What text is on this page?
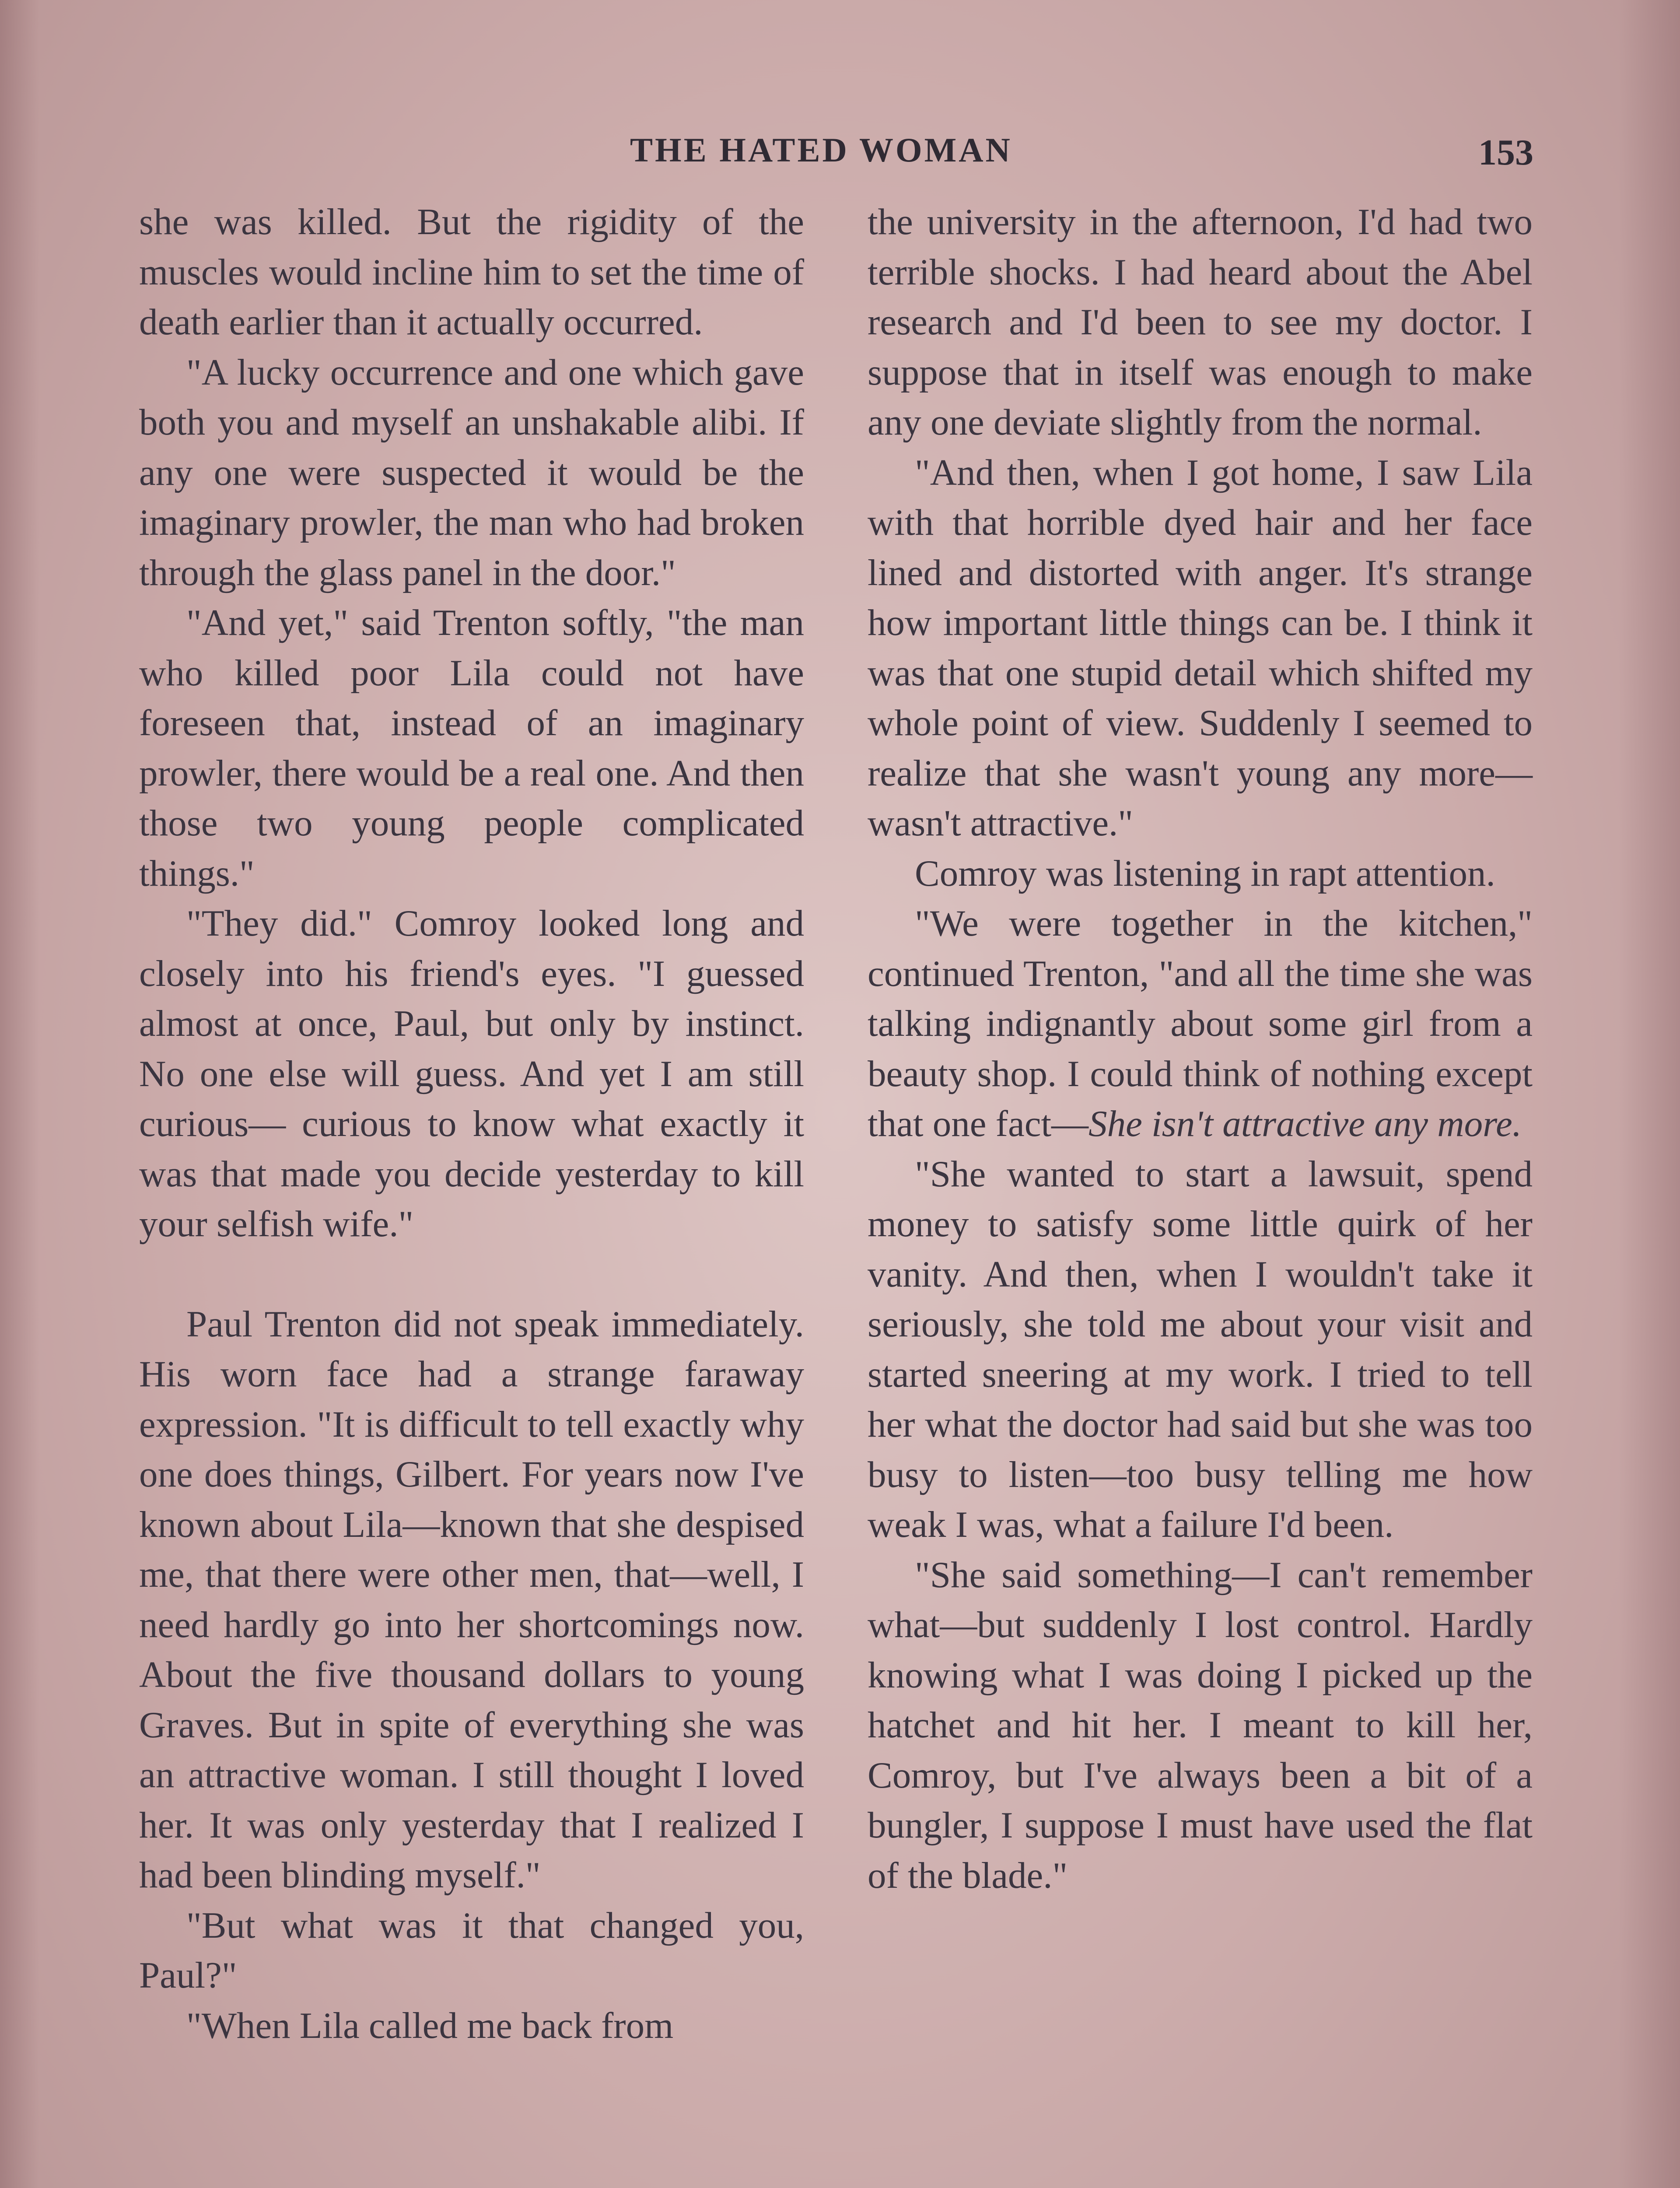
THE HATED WOMAN	153

she was killed. But the rigidity of the muscles would incline him to set the time of death earlier than it actually occurred.

"A lucky occurrence and one which gave both you and myself an unshakable alibi. If any one were suspected it would be the imaginary prowler, the man who had broken through the glass panel in the door."

"And yet," said Trenton softly, "the man who killed poor Lila could not have foreseen that, instead of an imaginary prowler, there would be a real one. And then those two young people complicated things."

"They did." Comroy looked long and closely into his friend's eyes. "I guessed almost at once, Paul, but only by instinct. No one else will guess. And yet I am still curious— curious to know what exactly it was that made you decide yesterday to kill your selfish wife."

Paul Trenton did not speak immediately. His worn face had a strange faraway expression. "It is difficult to tell exactly why one does things, Gilbert. For years now I've known about Lila—known that she despised me, that there were other men, that—well, I need hardly go into her shortcomings now. About the five thousand dollars to young Graves. But in spite of everything she was an attractive woman. I still thought I loved her. It was only yesterday that I realized I had been blinding myself."

"But what was it that changed you, Paul?"

"When Lila called me back from

the university in the afternoon, I'd had two terrible shocks. I had heard about the Abel research and I'd been to see my doctor. I suppose that in itself was enough to make any one deviate slightly from the normal.

"And then, when I got home, I saw Lila with that horrible dyed hair and her face lined and distorted with anger. It's strange how important little things can be. I think it was that one stupid detail which shifted my whole point of view. Suddenly I seemed to realize that she wasn't young any more—wasn't attractive."

Comroy was listening in rapt attention.

"We were together in the kitchen," continued Trenton, "and all the time she was talking indignantly about some girl from a beauty shop. I could think of nothing except that one fact—She isn't attractive any more.

"She wanted to start a lawsuit, spend money to satisfy some little quirk of her vanity. And then, when I wouldn't take it seriously, she told me about your visit and started sneering at my work. I tried to tell her what the doctor had said but she was too busy to listen—too busy telling me how weak I was, what a failure I'd been.

"She said something—I can't remember what—but suddenly I lost control. Hardly knowing what I was doing I picked up the hatchet and hit her. I meant to kill her, Comroy, but I've always been a bit of a bungler, I suppose I must have used the flat of the blade."
